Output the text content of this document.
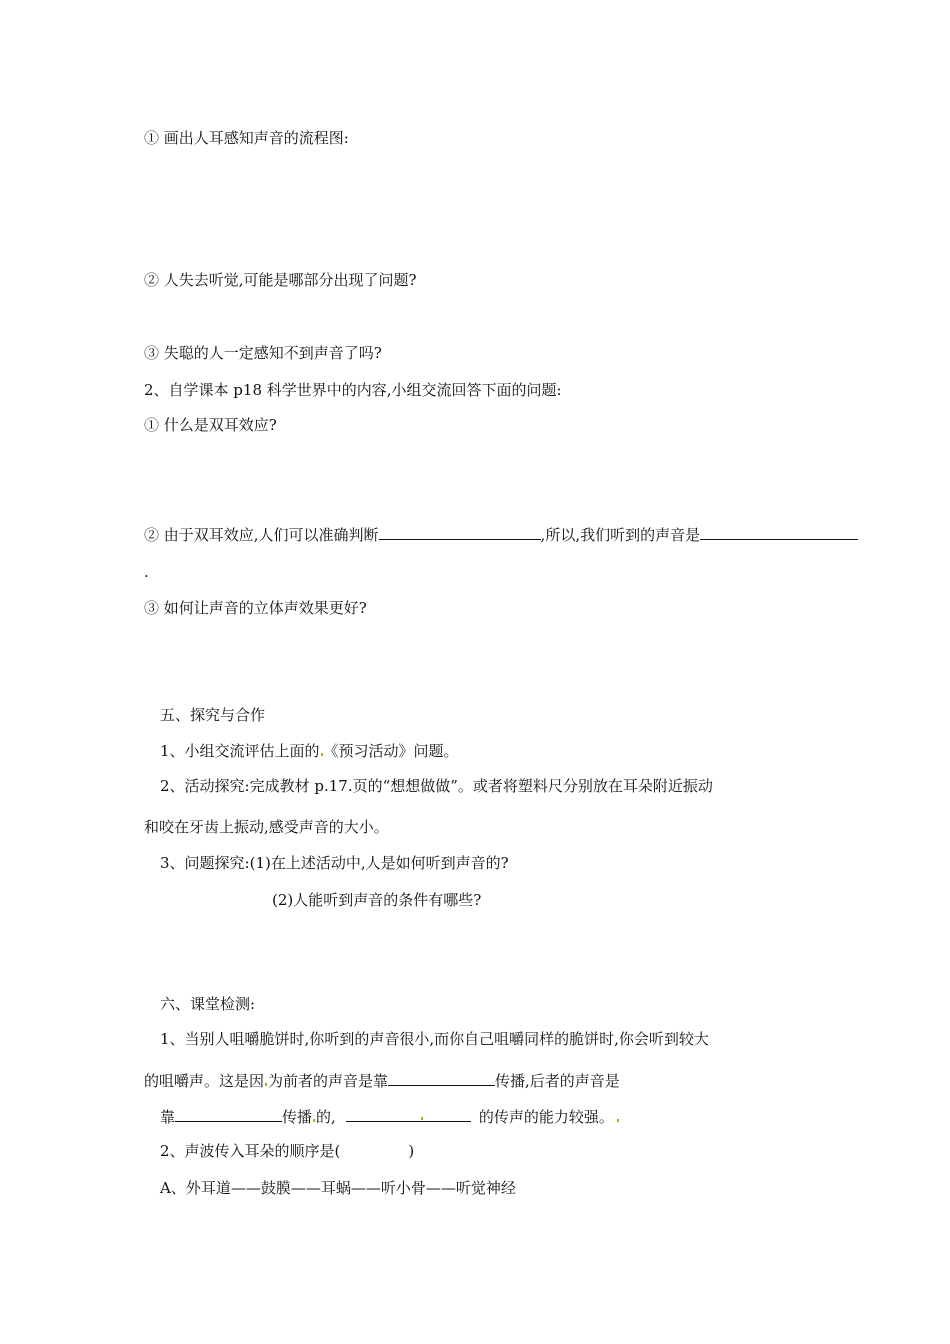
① 画出人耳感知声音的流程图:
② 人失去听觉,可能是哪部分出现了问题?
③ 失聪的人一定感知不到声音了吗?
2、自学课本 p18 科学世界中的内容,小组交流回答下面的问题:
① 什么是双耳效应?
② 由于双耳效应,人们可以准确判断	,所以,我们听到的声音是
.
③ 如何让声音的立体声效果更好?
五、探究与合作
1、小组交流评估上面的 《预习活动》问题。
2、活动探究:完成教材 p.17.页的“想想做做”。或者将塑料尺分别放在耳朵附近振动
和咬在牙齿上振动,感受声音的大小。
3、问题探究:(1)在上述活动中,人是如何听到声音的?
(2)人能听到声音的条件有哪些?
六、课堂检测:
1、当别人咀嚼脆饼时,你听到的声音很小,而你自己咀嚼同样的脆饼时,你会听到较大
的咀嚼声。这是因 为前者的声音是靠	传播,后者的声音是
靠	传播 的,	的传声的能力较强。
2、声波传入耳朵的顺序是(	)
A、外耳道——鼓膜——耳蜗——听小骨——听觉神经
